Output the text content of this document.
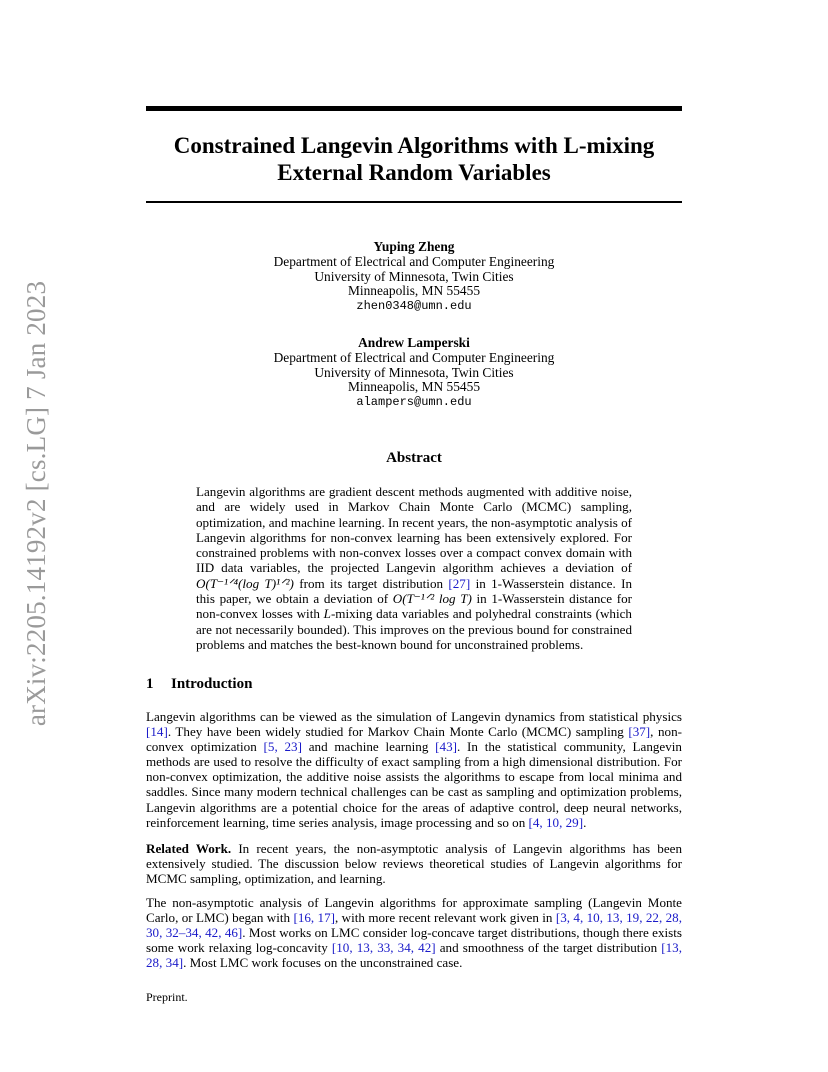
arXiv:2205.14192v2 [cs.LG] 7 Jan 2023
Constrained Langevin Algorithms with L-mixing
External Random Variables
Yuping Zheng
Department of Electrical and Computer Engineering
University of Minnesota, Twin Cities
Minneapolis, MN 55455
zhen0348@umn.edu
Andrew Lamperski
Department of Electrical and Computer Engineering
University of Minnesota, Twin Cities
Minneapolis, MN 55455
alampers@umn.edu
Abstract

Langevin algorithms are gradient descent methods augmented with additive noise, and are widely used in Markov Chain Monte Carlo (MCMC) sampling, optimization, and machine learning. In recent years, the non-asymptotic analysis of Langevin algorithms for non-convex learning has been extensively explored. For constrained problems with non-convex losses over a compact convex domain with IID data variables, the projected Langevin algorithm achieves a deviation of O(T⁻¹ᐟ⁴(log T)¹ᐟ²) from its target distribution [27] in 1-Wasserstein distance. In this paper, we obtain a deviation of O(T⁻¹ᐟ² log T) in 1-Wasserstein distance for non-convex losses with L-mixing data variables and polyhedral constraints (which are not necessarily bounded). This improves on the previous bound for constrained problems and matches the best-known bound for unconstrained problems.

1 Introduction

Langevin algorithms can be viewed as the simulation of Langevin dynamics from statistical physics [14]. They have been widely studied for Markov Chain Monte Carlo (MCMC) sampling [37], non-convex optimization [5, 23] and machine learning [43]. In the statistical community, Langevin methods are used to resolve the difficulty of exact sampling from a high dimensional distribution. For non-convex optimization, the additive noise assists the algorithms to escape from local minima and saddles. Since many modern technical challenges can be cast as sampling and optimization problems, Langevin algorithms are a potential choice for the areas of adaptive control, deep neural networks, reinforcement learning, time series analysis, image processing and so on [4, 10, 29].

Related Work. In recent years, the non-asymptotic analysis of Langevin algorithms has been extensively studied. The discussion below reviews theoretical studies of Langevin algorithms for MCMC sampling, optimization, and learning.

The non-asymptotic analysis of Langevin algorithms for approximate sampling (Langevin Monte Carlo, or LMC) began with [16, 17], with more recent relevant work given in [3, 4, 10, 13, 19, 22, 28, 30, 32–34, 42, 46]. Most works on LMC consider log-concave target distributions, though there exists some work relaxing log-concavity [10, 13, 33, 34, 42] and smoothness of the target distribution [13, 28, 34]. Most LMC work focuses on the unconstrained case.

Preprint.
